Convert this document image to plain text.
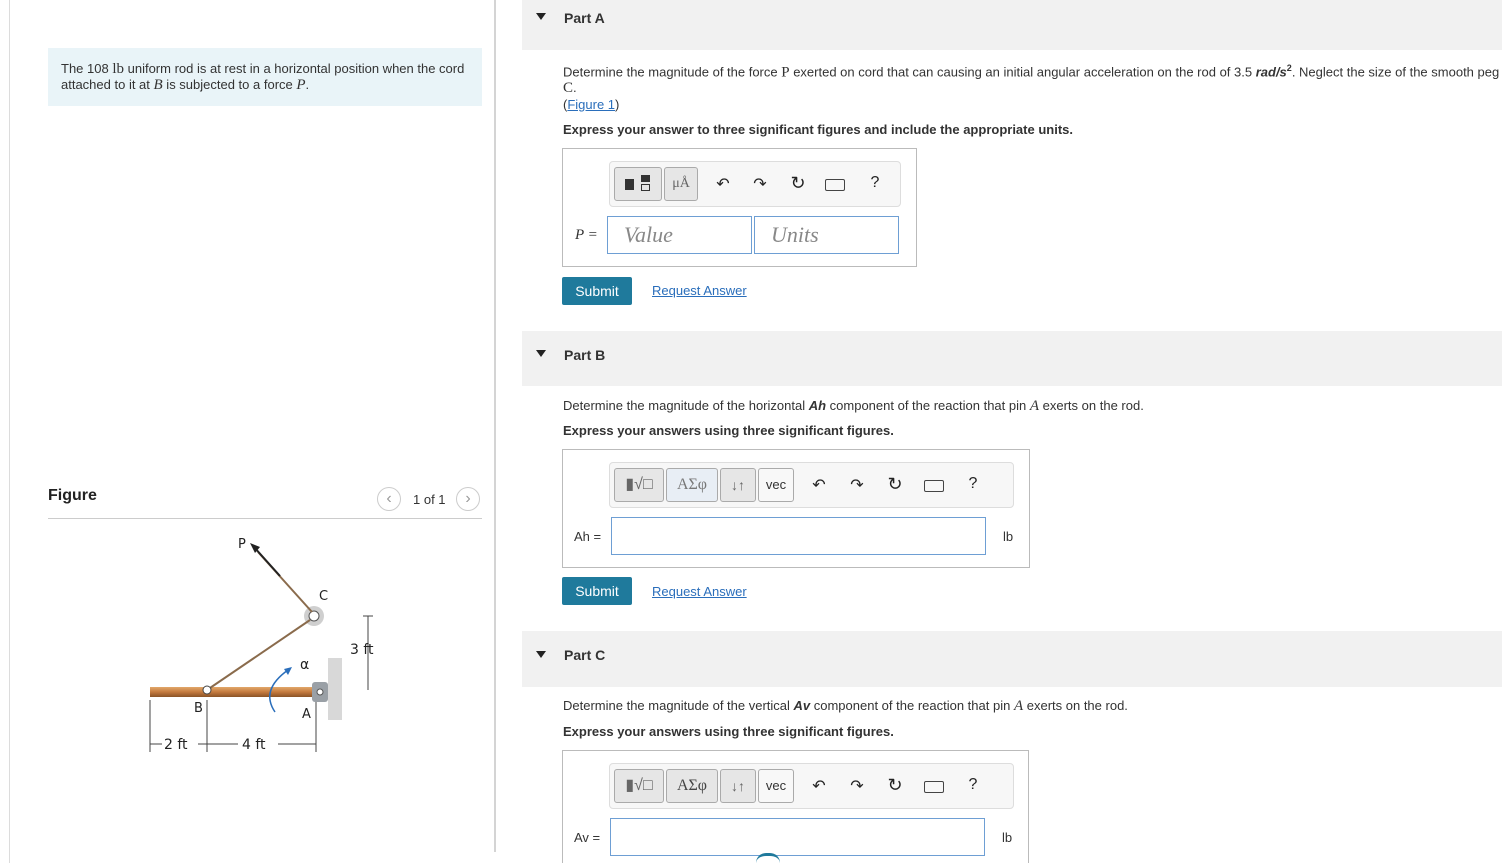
The 108 lb uniform rod is at rest in a horizontal position when the cord
attached to it at B is subjected to a force P.
Figure	‹	1 of 1	›
P
C
α
3 ft
B	A
2 ft	4 ft
Part A
Determine the magnitude of the force P exerted on cord that can causing an initial angular acceleration on the rod of 3.5 rad/$s^2$. Neglect the size of the smooth peg
C.
(Figure 1)
Express your answer to three significant figures and include the appropriate units.
μÅ	↶ ↷ ↻	?
P = Value	Units
Submit	Request Answer
Part B
Determine the magnitude of the horizontal Ah component of the reaction that pin A exerts on the rod.
Express your answers using three significant figures.
▮√□	ΑΣφ	↓↑	vec	↶ ↷ ↻	?
Ah =	lb
Submit	Request Answer
Part C
Determine the magnitude of the vertical Av component of the reaction that pin A exerts on the rod.
Express your answers using three significant figures.
▮√□	ΑΣφ	↓↑	vec	↶ ↷ ↻	?
Av =	lb
